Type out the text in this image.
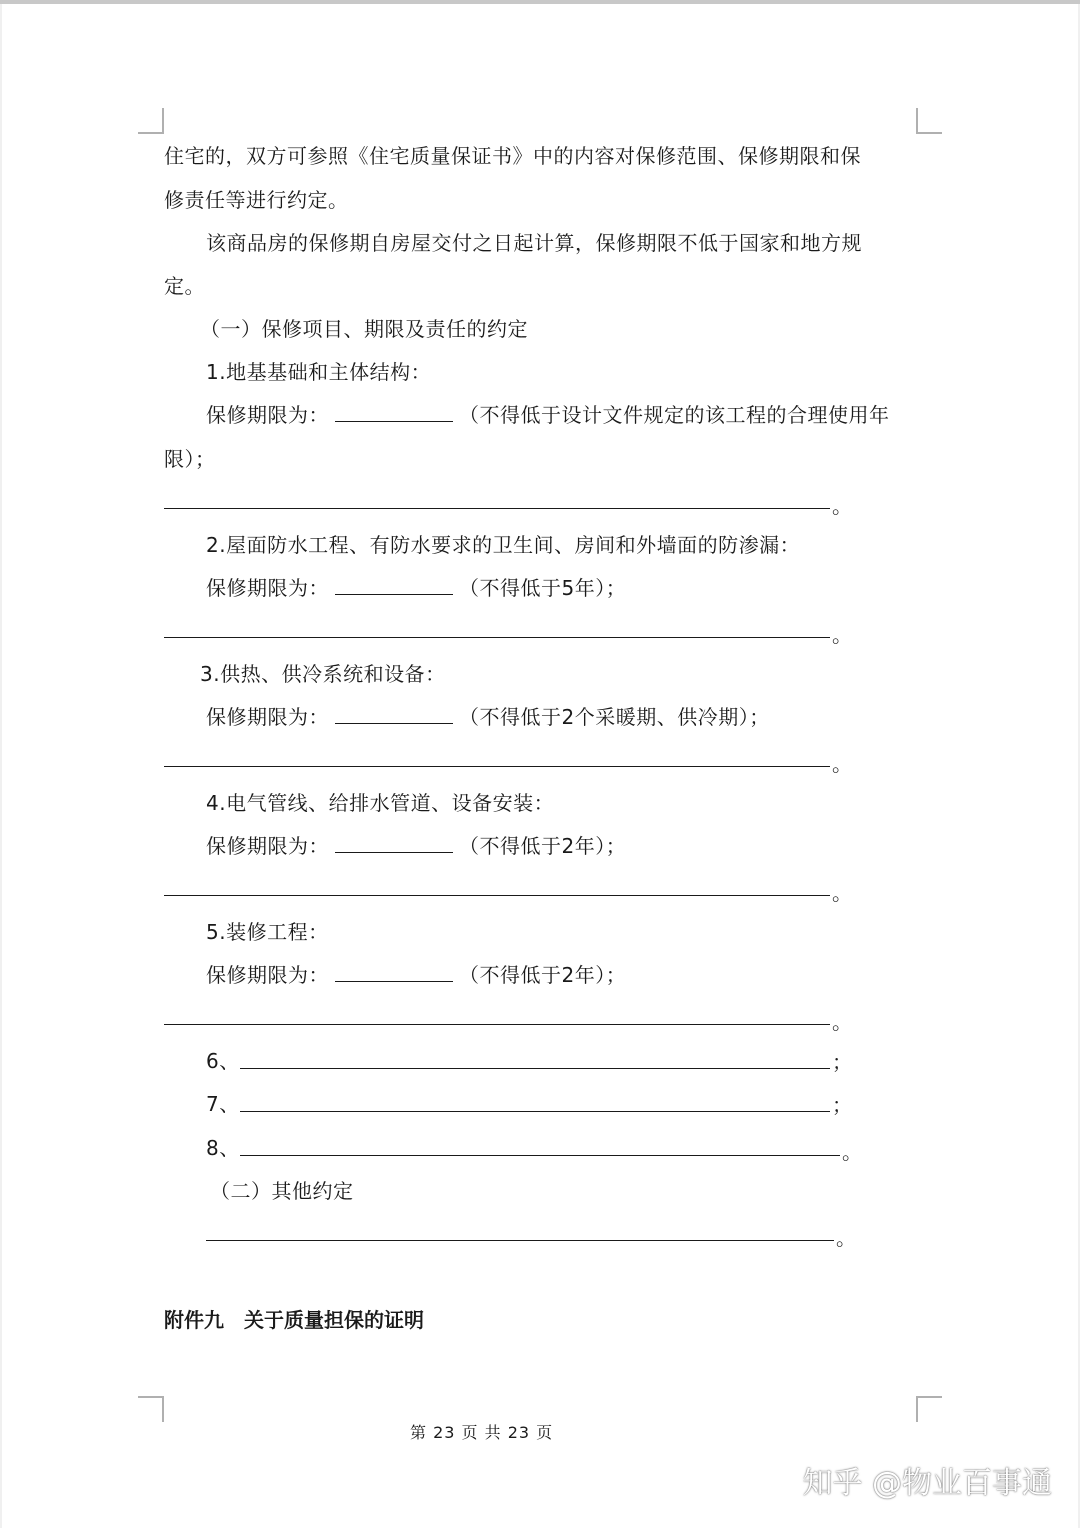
住宅的，双方可参照《住宅质量保证书》中的内容对保修范围、保修期限和保
修责任等进行约定。
该商品房的保修期自房屋交付之日起计算，保修期限不低于国家和地方规
定。
（一）保修项目、期限及责任的约定
1.地基基础和主体结构：
保修期限为：	（不得低于设计文件规定的该工程的合理使用年
限）；
。
2.屋面防水工程、有防水要求的卫生间、房间和外墙面的防渗漏：
保修期限为：	（不得低于5年）；
。
3.供热、供冷系统和设备：
保修期限为：	（不得低于2个采暖期、供冷期）；
。
4.电气管线、给排水管道、设备安装：
保修期限为：	（不得低于2年）；
。
5.装修工程：
保修期限为：	（不得低于2年）；
。
6、	；
7、	；
8、	。
（二）其他约定
。
附件九　关于质量担保的证明
第 23 页 共 23 页
知乎 @物业百事通
